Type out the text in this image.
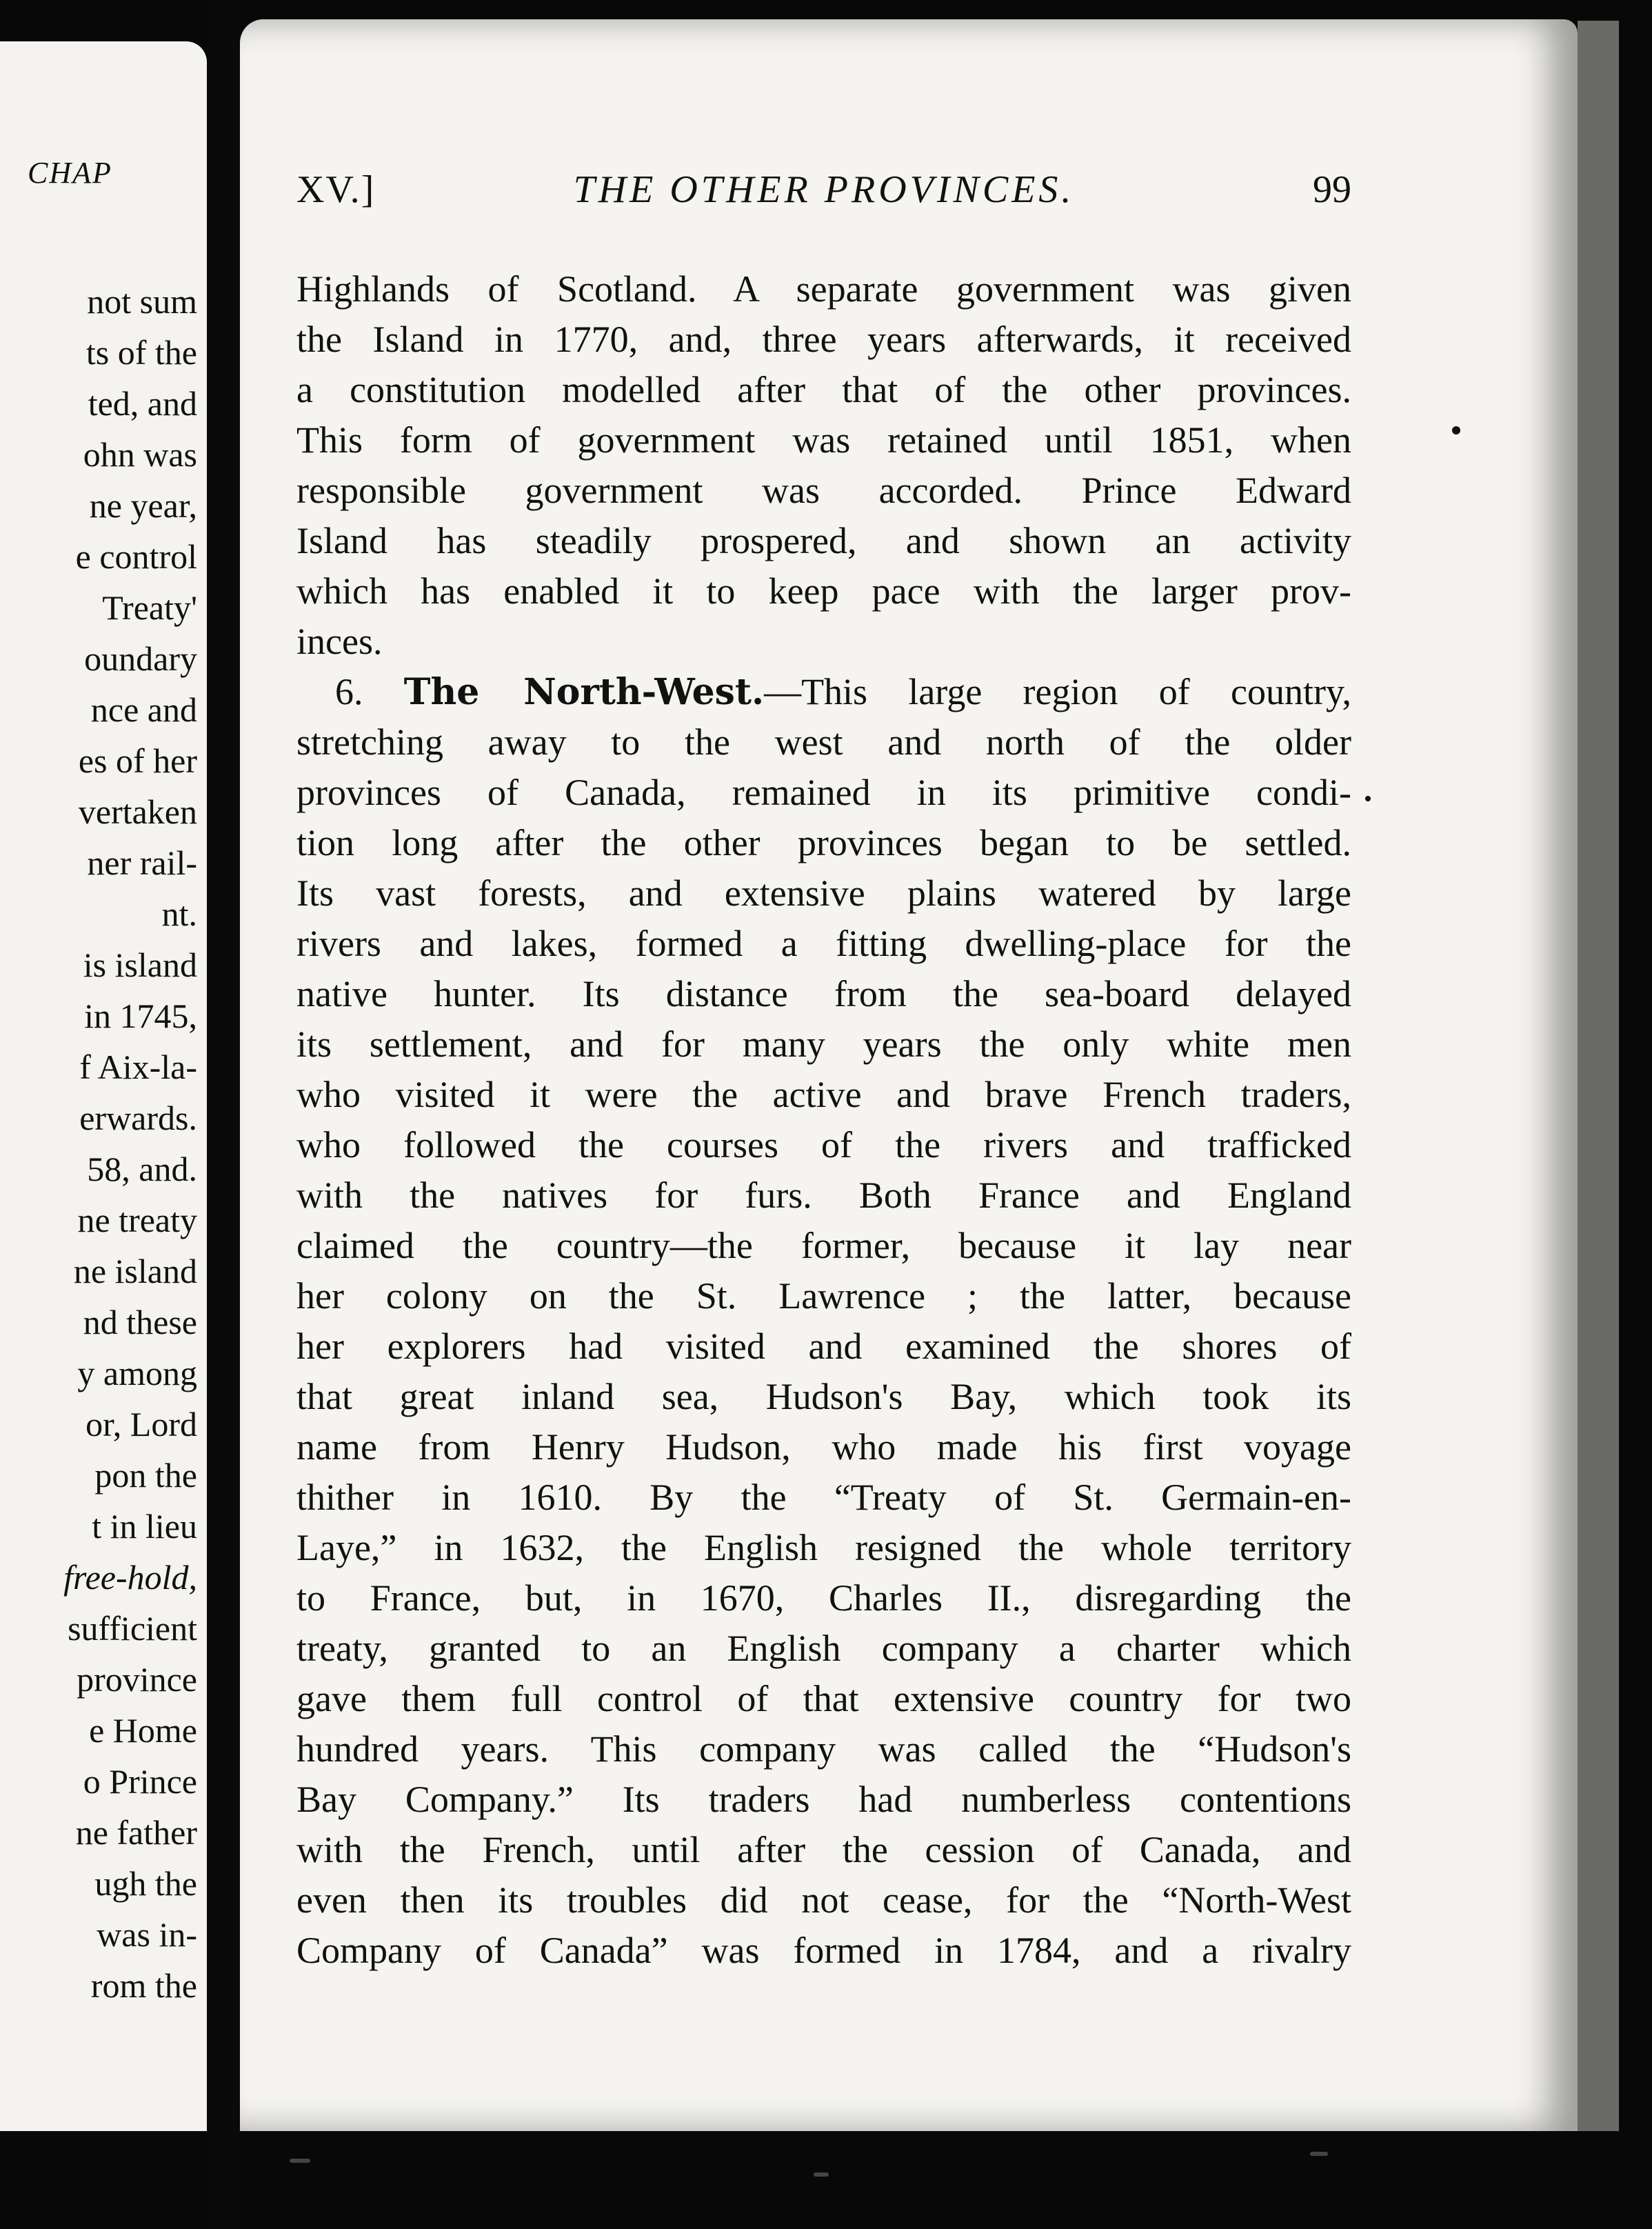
CHAP
not sum
ts of the
ted, and
ohn was
ne year,
e control
Treaty'
oundary
nce and
es of her
vertaken
ner rail-
nt.
is island
in 1745,
f Aix-la-
erwards.
58, and.
ne treaty
ne island
nd these
y among
or, Lord
pon the
t in lieu
free-hold,
sufficient
province
e Home
o Prince
ne father
ugh the
was in-
rom the
XV.]	THE OTHER PROVINCES.	99
Highlands of Scotland. A separate government was given
the Island in 1770, and, three years afterwards, it received
a constitution modelled after that of the other provinces.
This form of government was retained until 1851, when
responsible government was accorded. Prince Edward
Island has steadily prospered, and shown an activity
which has enabled it to keep pace with the larger prov-
inces.
6. The North-West.—This large region of country,
stretching away to the west and north of the older
provinces of Canada, remained in its primitive condi-
tion long after the other provinces began to be settled.
Its vast forests, and extensive plains watered by large
rivers and lakes, formed a fitting dwelling-place for the
native hunter. Its distance from the sea-board delayed
its settlement, and for many years the only white men
who visited it were the active and brave French traders,
who followed the courses of the rivers and trafficked
with the natives for furs. Both France and England
claimed the country—the former, because it lay near
her colony on the St. Lawrence ; the latter, because
her explorers had visited and examined the shores of
that great inland sea, Hudson's Bay, which took its
name from Henry Hudson, who made his first voyage
thither in 1610. By the “Treaty of St. Germain-en-
Laye,” in 1632, the English resigned the whole territory
to France, but, in 1670, Charles II., disregarding the
treaty, granted to an English company a charter which
gave them full control of that extensive country for two
hundred years. This company was called the “Hudson's
Bay Company.” Its traders had numberless contentions
with the French, until after the cession of Canada, and
even then its troubles did not cease, for the “North-West
Company of Canada” was formed in 1784, and a rivalry
